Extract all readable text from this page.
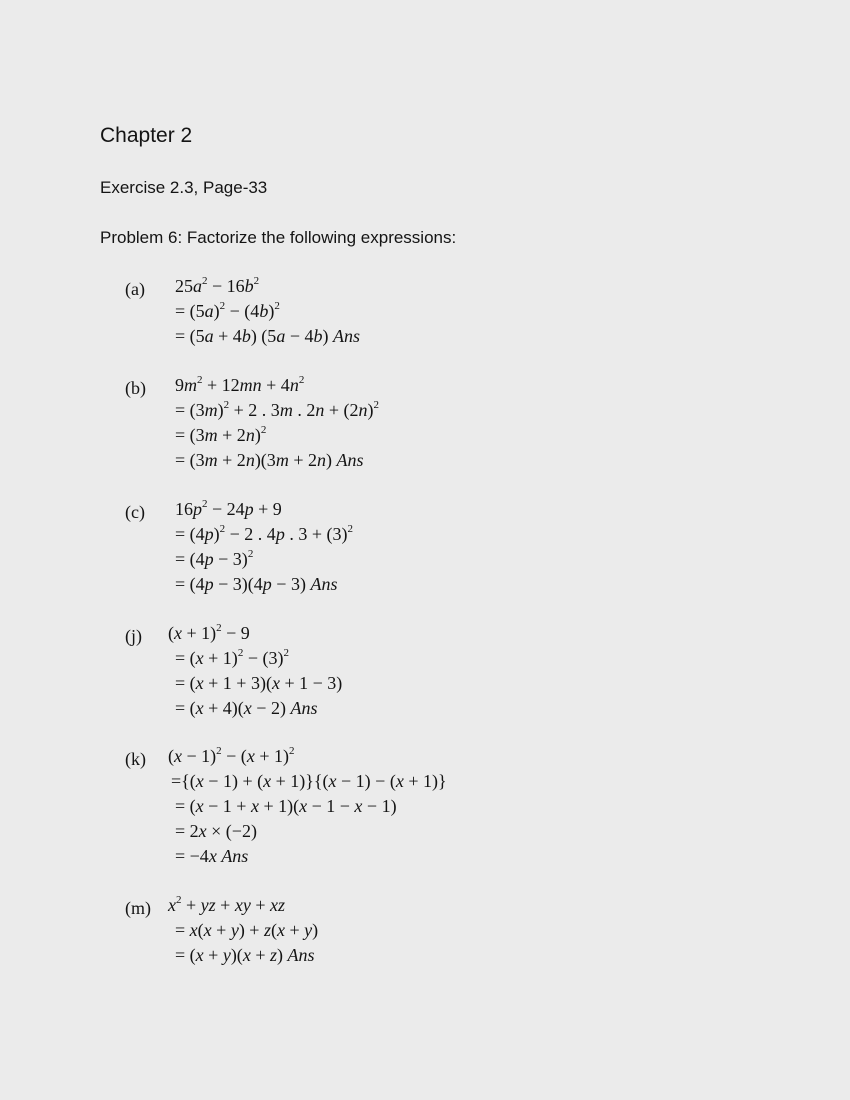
Chapter 2
Exercise 2.3, Page-33
Problem 6: Factorize the following expressions:
(a) $25a^2 - 16b^2$
= $(5a)^2 - (4b)^2$
= (5a + 4b) (5a − 4b) Ans
(b) $9m^2 + 12mn + 4n^2$
= $(3m)^2 + 2$ . 3m . $2n + (2n)^2$
= $(3m + 2n)^2$
= (3m + 2n)(3m + 2n) Ans
(c) $16p^2 - 24p + 9$
= $(4p)^2 - 2$ . 4p . $3 + (3)^2$
= $(4p - 3)^2$
= (4p − 3)(4p − 3) Ans
(j) $(x + 1)^2 - 9$
= $(x + 1)^2 - (3)^2$
= (x + 1 + 3)(x + 1 − 3)
= (x + 4)(x − 2) Ans
(k) $(x - 1)^2 - (x + 1)^2$
={(x − 1) + (x + 1)}{(x − 1) − (x + 1)}
= (x − 1 + x + 1)(x − 1 − x − 1)
= 2x × (−2)
= −4x Ans
(m) $x^2$ + yz + xy + xz
= x(x + y) + z(x + y)
= (x + y)(x + z) Ans
